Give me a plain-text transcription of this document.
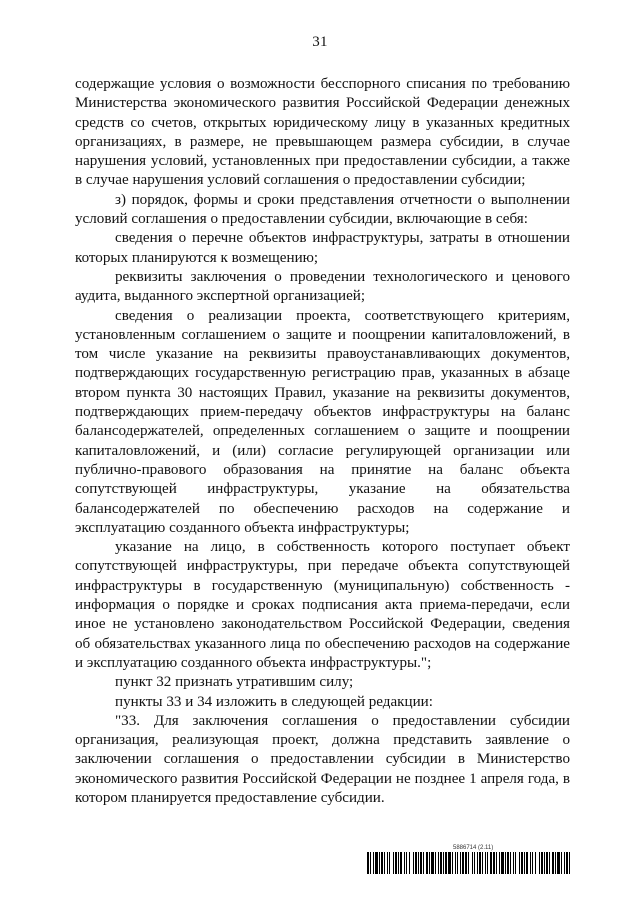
31

содержащие условия о возможности бесспорного списания по требованию Министерства экономического развития Российской Федерации денежных средств со счетов, открытых юридическому лицу в указанных кредитных организациях, в размере, не превышающем размера субсидии, в случае нарушения условий, установленных при предоставлении субсидии, а также в случае нарушения условий соглашения о предоставлении субсидии;

з) порядок, формы и сроки представления отчетности о выполнении условий соглашения о предоставлении субсидии, включающие в себя:

сведения о перечне объектов инфраструктуры, затраты в отношении которых планируются к возмещению;

реквизиты заключения о проведении технологического и ценового аудита, выданного экспертной организацией;

сведения о реализации проекта, соответствующего критериям, установленным соглашением о защите и поощрении капиталовложений, в том числе указание на реквизиты правоустанавливающих документов, подтверждающих государственную регистрацию прав, указанных в абзаце втором пункта 30 настоящих Правил, указание на реквизиты документов, подтверждающих прием-передачу объектов инфраструктуры на баланс балансодержателей, определенных соглашением о защите и поощрении капиталовложений, и (или) согласие регулирующей организации или публично-правового образования на принятие на баланс объекта сопутствующей инфраструктуры, указание на обязательства балансодержателей по обеспечению расходов на содержание и эксплуатацию созданного объекта инфраструктуры;

указание на лицо, в собственность которого поступает объект сопутствующей инфраструктуры, при передаче объекта сопутствующей инфраструктуры в государственную (муниципальную) собственность - информация о порядке и сроках подписания акта приема-передачи, если иное не установлено законодательством Российской Федерации, сведения об обязательствах указанного лица по обеспечению расходов на содержание и эксплуатацию созданного объекта инфраструктуры.";

пункт 32 признать утратившим силу;

пункты 33 и 34 изложить в следующей редакции:

"33. Для заключения соглашения о предоставлении субсидии организация, реализующая проект, должна представить заявление о заключении соглашения о предоставлении субсидии в Министерство экономического развития Российской Федерации не позднее 1 апреля года, в котором планируется предоставление субсидии.

5886714 (2.11)
